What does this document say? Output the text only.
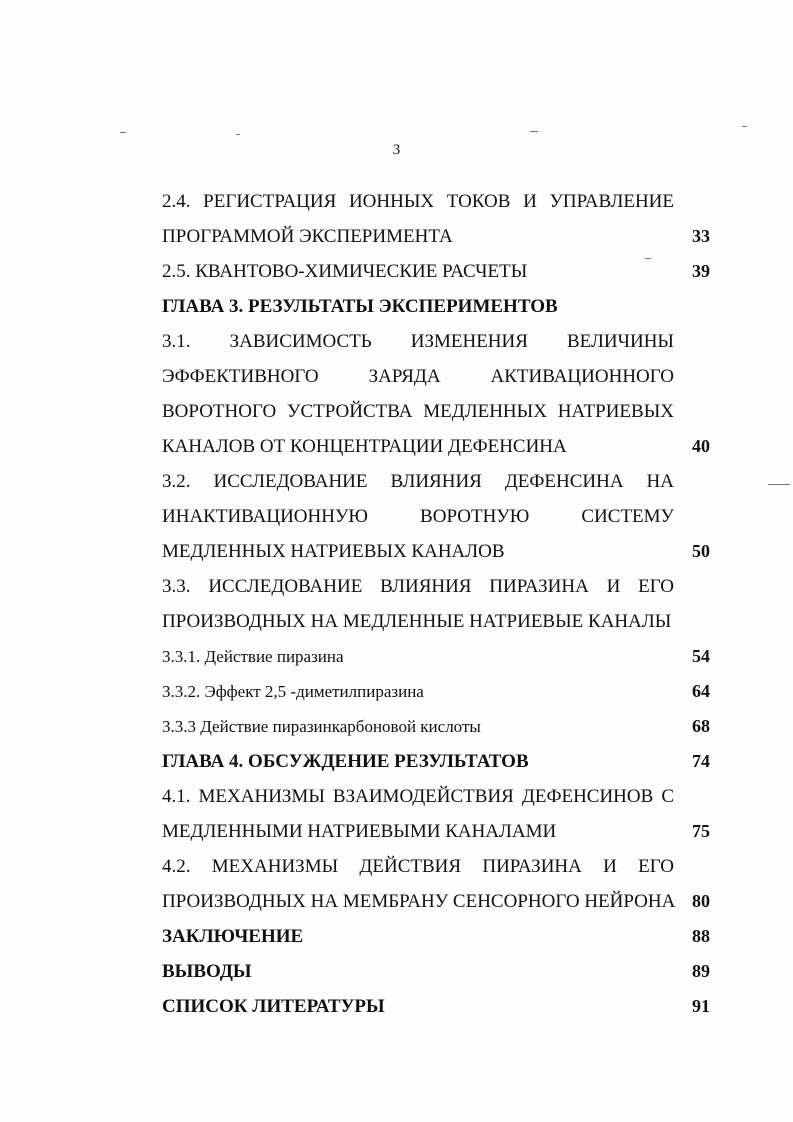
3
2.4. РЕГИСТРАЦИЯ ИОННЫХ ТОКОВ И УПРАВЛЕНИЕ
ПРОГРАММОЙ ЭКСПЕРИМЕНТА	33
2.5. КВАНТОВО-ХИМИЧЕСКИЕ РАСЧЕТЫ	39
ГЛАВА 3. РЕЗУЛЬТАТЫ ЭКСПЕРИМЕНТОВ
3.1. ЗАВИСИМОСТЬ ИЗМЕНЕНИЯ ВЕЛИЧИНЫ
ЭФФЕКТИВНОГО ЗАРЯДА АКТИВАЦИОННОГО
ВОРОТНОГО УСТРОЙСТВА МЕДЛЕННЫХ НАТРИЕВЫХ
КАНАЛОВ ОТ КОНЦЕНТРАЦИИ ДЕФЕНСИНА	40
3.2. ИССЛЕДОВАНИЕ ВЛИЯНИЯ ДЕФЕНСИНА НА
ИНАКТИВАЦИОННУЮ ВОРОТНУЮ СИСТЕМУ
МЕДЛЕННЫХ НАТРИЕВЫХ КАНАЛОВ	50
3.3. ИССЛЕДОВАНИЕ ВЛИЯНИЯ ПИРАЗИНА И ЕГО
ПРОИЗВОДНЫХ НА МЕДЛЕННЫЕ НАТРИЕВЫЕ КАНАЛЫ
3.3.1. Действие пиразина	54
3.3.2. Эффект 2,5 -диметилпиразина	64
3.3.3 Действие пиразинкарбоновой кислоты	68
ГЛАВА 4. ОБСУЖДЕНИЕ РЕЗУЛЬТАТОВ	74
4.1. МЕХАНИЗМЫ ВЗАИМОДЕЙСТВИЯ ДЕФЕНСИНОВ С
МЕДЛЕННЫМИ НАТРИЕВЫМИ КАНАЛАМИ	75
4.2. МЕХАНИЗМЫ ДЕЙСТВИЯ ПИРАЗИНА И ЕГО
ПРОИЗВОДНЫХ НА МЕМБРАНУ СЕНСОРНОГО НЕЙРОНА 80
ЗАКЛЮЧЕНИЕ	88
ВЫВОДЫ	89
СПИСОК ЛИТЕРАТУРЫ	91
